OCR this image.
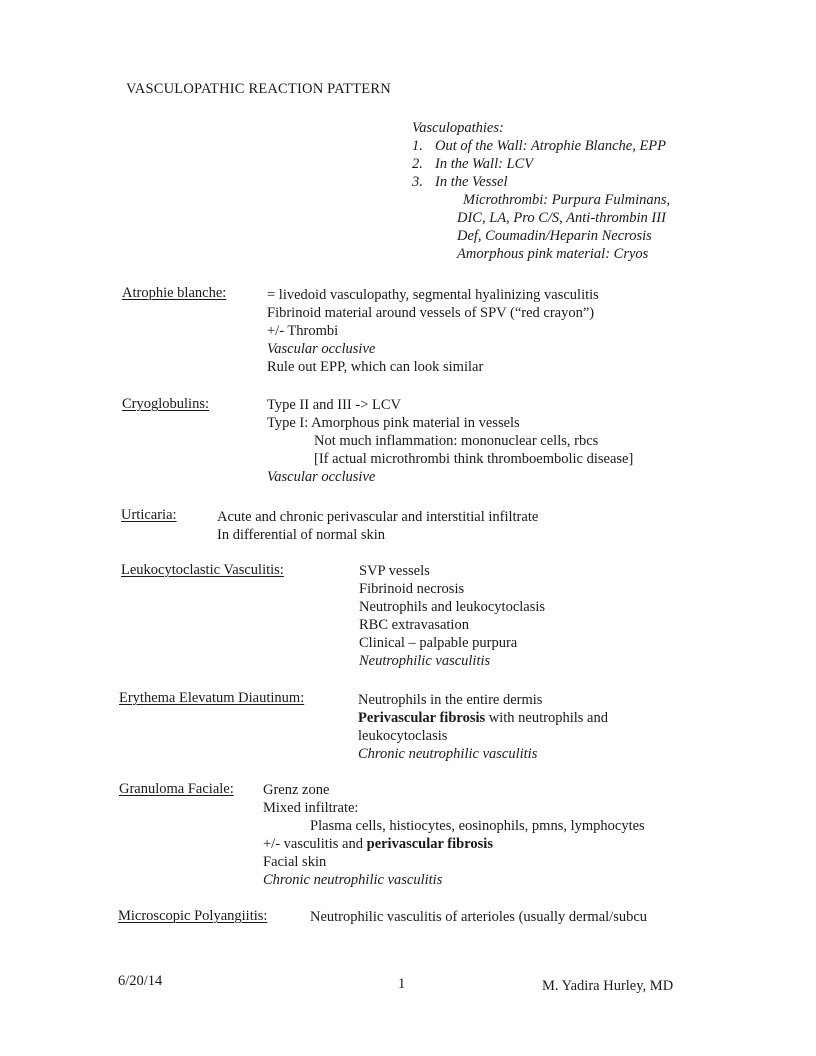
VASCULOPATHIC REACTION PATTERN
Vasculopathies:
1. Out of the Wall: Atrophie Blanche, EPP
2. In the Wall: LCV
3. In the Vessel
Microthrombi: Purpura Fulminans,
DIC, LA, Pro C/S, Anti-thrombin III
Def, Coumadin/Heparin Necrosis
Amorphous pink material: Cryos
Atrophie blanche:	= livedoid vasculopathy, segmental hyalinizing vasculitis
Fibrinoid material around vessels of SPV (“red crayon”)
+/- Thrombi
Vascular occlusive
Rule out EPP, which can look similar
Cryoglobulins:	Type II and III -> LCV
Type I: Amorphous pink material in vessels
Not much inflammation: mononuclear cells, rbcs
[If actual microthrombi think thromboembolic disease]
Vascular occlusive
Urticaria:	Acute and chronic perivascular and interstitial infiltrate
In differential of normal skin
Leukocytoclastic Vasculitis:	SVP vessels
Fibrinoid necrosis
Neutrophils and leukocytoclasis
RBC extravasation
Clinical – palpable purpura
Neutrophilic vasculitis
Erythema Elevatum Diautinum:	Neutrophils in the entire dermis
Perivascular fibrosis with neutrophils and
leukocytoclasis
Chronic neutrophilic vasculitis
Granuloma Faciale: Grenz zone
Mixed infiltrate:
Plasma cells, histiocytes, eosinophils, pmns, lymphocytes
+/- vasculitis and perivascular fibrosis
Facial skin
Chronic neutrophilic vasculitis
Microscopic Polyangiitis:	Neutrophilic vasculitis of arterioles (usually dermal/subcu
6/20/14	1	M. Yadira Hurley, MD
